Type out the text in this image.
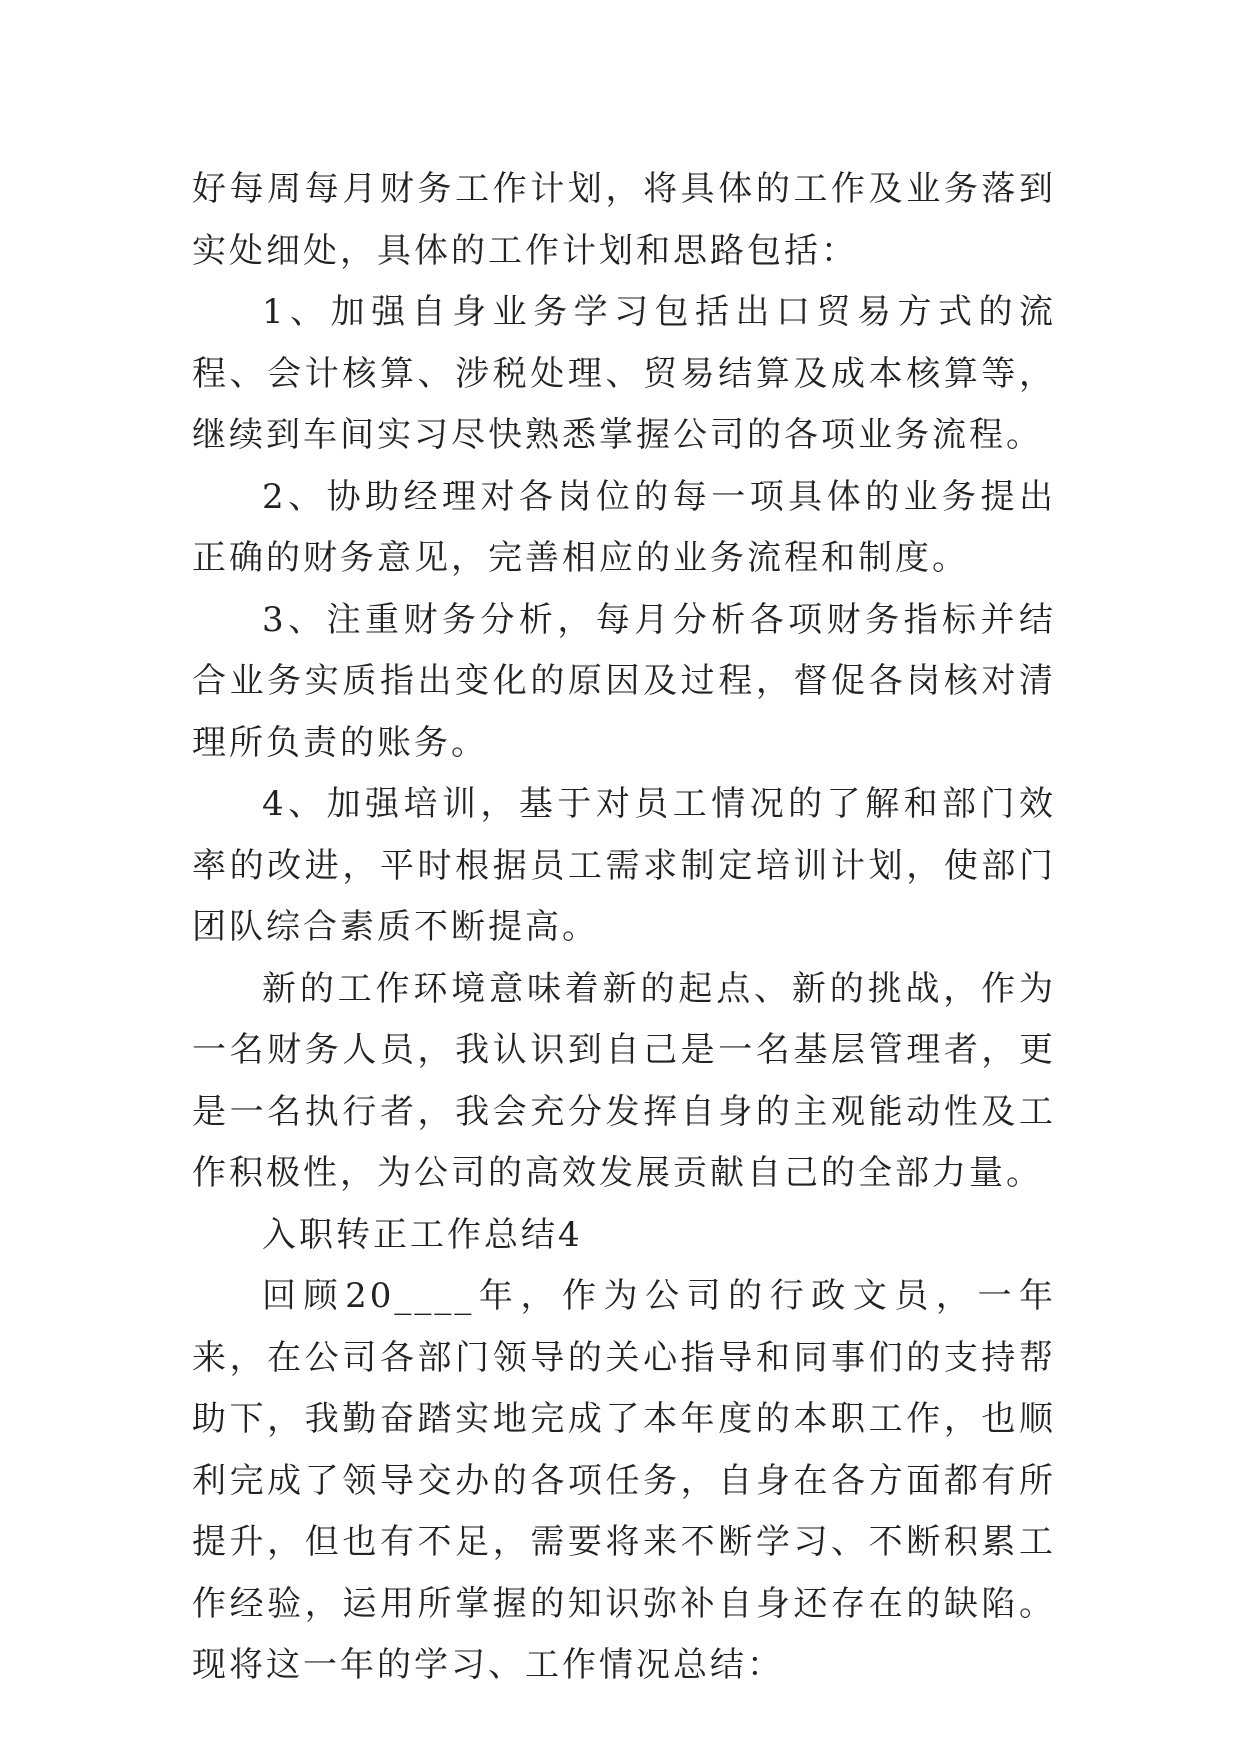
好每周每月财务工作计划，将具体的工作及业务落到实处细处，具体的工作计划和思路包括：

1、加强自身业务学习包括出口贸易方式的流程、会计核算、涉税处理、贸易结算及成本核算等，继续到车间实习尽快熟悉掌握公司的各项业务流程。

2、协助经理对各岗位的每一项具体的业务提出正确的财务意见，完善相应的业务流程和制度。

3、注重财务分析，每月分析各项财务指标并结合业务实质指出变化的原因及过程，督促各岗核对清理所负责的账务。

4、加强培训，基于对员工情况的了解和部门效率的改进，平时根据员工需求制定培训计划，使部门团队综合素质不断提高。

新的工作环境意味着新的起点、新的挑战，作为一名财务人员，我认识到自己是一名基层管理者，更是一名执行者，我会充分发挥自身的主观能动性及工作积极性，为公司的高效发展贡献自己的全部力量。

入职转正工作总结4

回顾20____年，作为公司的行政文员，一年来，在公司各部门领导的关心指导和同事们的支持帮助下，我勤奋踏实地完成了本年度的本职工作，也顺利完成了领导交办的各项任务，自身在各方面都有所提升，但也有不足，需要将来不断学习、不断积累工作经验，运用所掌握的知识弥补自身还存在的缺陷。现将这一年的学习、工作情况总结：
